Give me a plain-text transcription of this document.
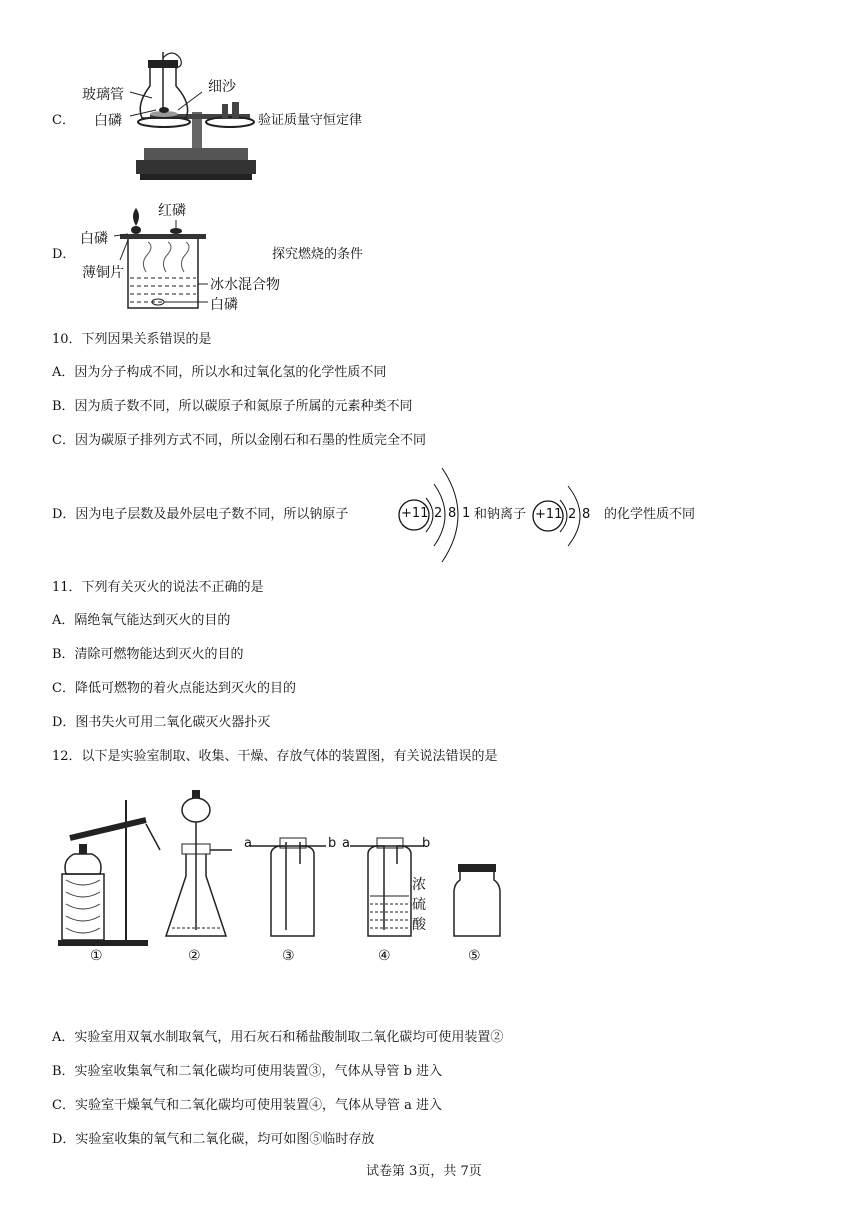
C．
玻璃管	细沙
白磷	验证质量守恒定律
D．
红磷
白磷
薄铜片
冰水混合物
白磷
探究燃烧的条件
10．下列因果关系错误的是
A．因为分子构成不同，所以水和过氧化氢的化学性质不同
B．因为质子数不同，所以碳原子和氮原子所属的元素种类不同
C．因为碳原子排列方式不同，所以金刚石和石墨的性质完全不同
D．因为电子层数及最外层电子数不同，所以钠原子	+11 2 8 1 和钠离子 +11 2 8 的化学性质不同
11．下列有关灭火的说法不正确的是
A．隔绝氧气能达到灭火的目的
B．清除可燃物能达到灭火的目的
C．降低可燃物的着火点能达到灭火的目的
D．图书失火可用二氧化碳灭火器扑灭
12．以下是实验室制取、收集、干燥、存放气体的装置图，有关说法错误的是
a	b a	b
浓
硫
酸
①	②	③	④	⑤
A．实验室用双氧水制取氧气，用石灰石和稀盐酸制取二氧化碳均可使用装置②
B．实验室收集氧气和二氧化碳均可使用装置③，气体从导管 b 进入
C．实验室干燥氧气和二氧化碳均可使用装置④，气体从导管 a 进入
D．实验室收集的氧气和二氧化碳，均可如图⑤临时存放
试卷第 3页，共 7页
